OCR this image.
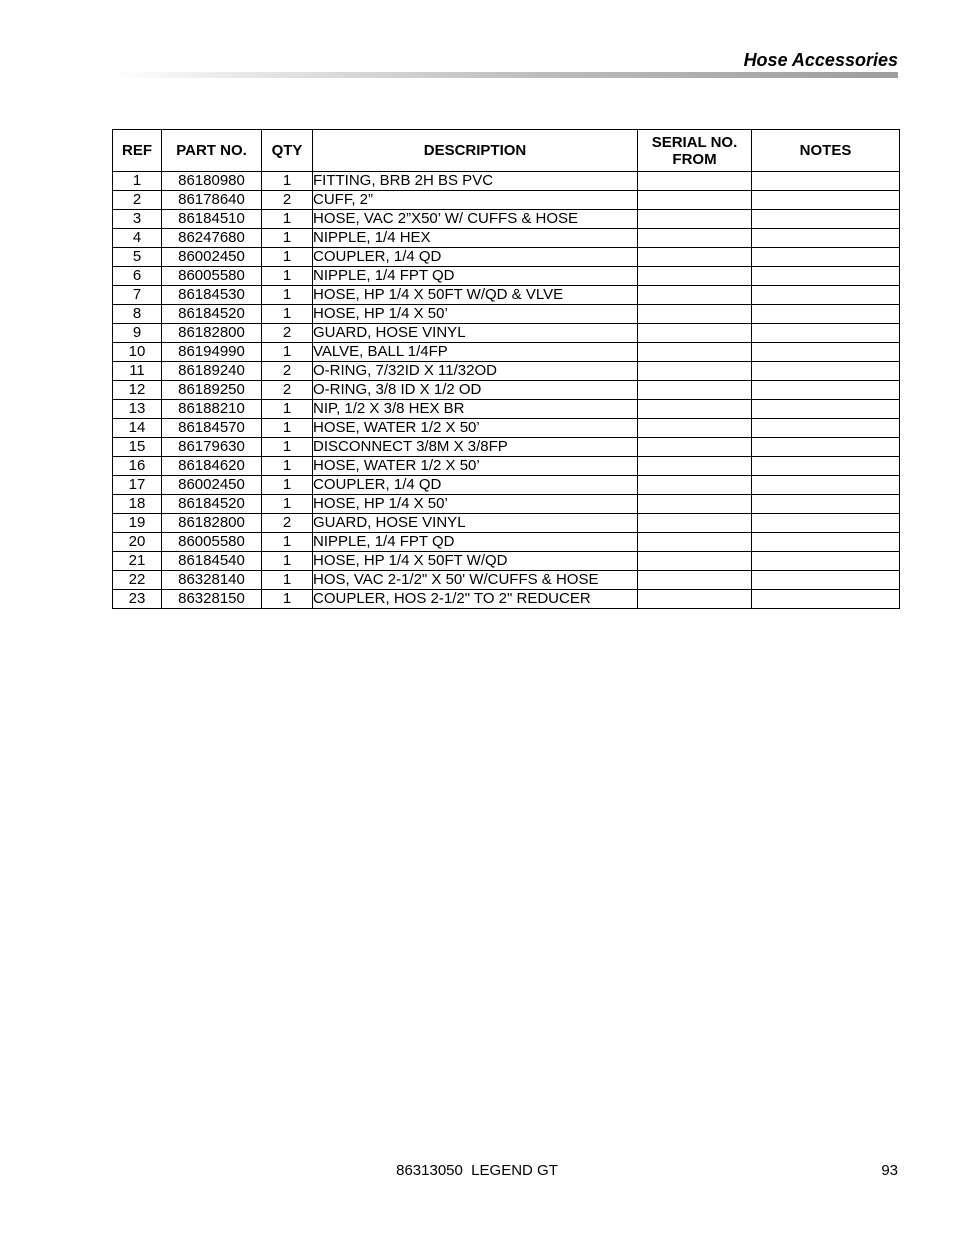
Hose Accessories
REF	PART NO.	QTY	DESCRIPTION	SERIAL NO. FROM	NOTES
1	86180980	1	FITTING, BRB 2H BS PVC		
2	86178640	2	CUFF, 2”		
3	86184510	1	HOSE, VAC 2”X50’ W/ CUFFS & HOSE		
4	86247680	1	NIPPLE, 1/4 HEX		
5	86002450	1	COUPLER, 1/4 QD		
6	86005580	1	NIPPLE, 1/4 FPT QD		
7	86184530	1	HOSE, HP 1/4 X 50FT W/QD & VLVE		
8	86184520	1	HOSE, HP 1/4 X 50’		
9	86182800	2	GUARD, HOSE VINYL		
10	86194990	1	VALVE, BALL 1/4FP		
11	86189240	2	O-RING, 7/32ID X 11/32OD		
12	86189250	2	O-RING, 3/8 ID X 1/2 OD		
13	86188210	1	NIP, 1/2 X 3/8 HEX BR		
14	86184570	1	HOSE, WATER 1/2 X 50’		
15	86179630	1	DISCONNECT 3/8M X 3/8FP		
16	86184620	1	HOSE, WATER 1/2 X 50’		
17	86002450	1	COUPLER, 1/4 QD		
18	86184520	1	HOSE, HP 1/4 X 50’		
19	86182800	2	GUARD, HOSE VINYL		
20	86005580	1	NIPPLE, 1/4 FPT QD		
21	86184540	1	HOSE, HP 1/4 X 50FT W/QD		
22	86328140	1	HOS, VAC 2-1/2" X 50' W/CUFFS & HOSE		
23	86328150	1	COUPLER, HOS 2-1/2" TO 2" REDUCER		
86313050  LEGEND GT	93
